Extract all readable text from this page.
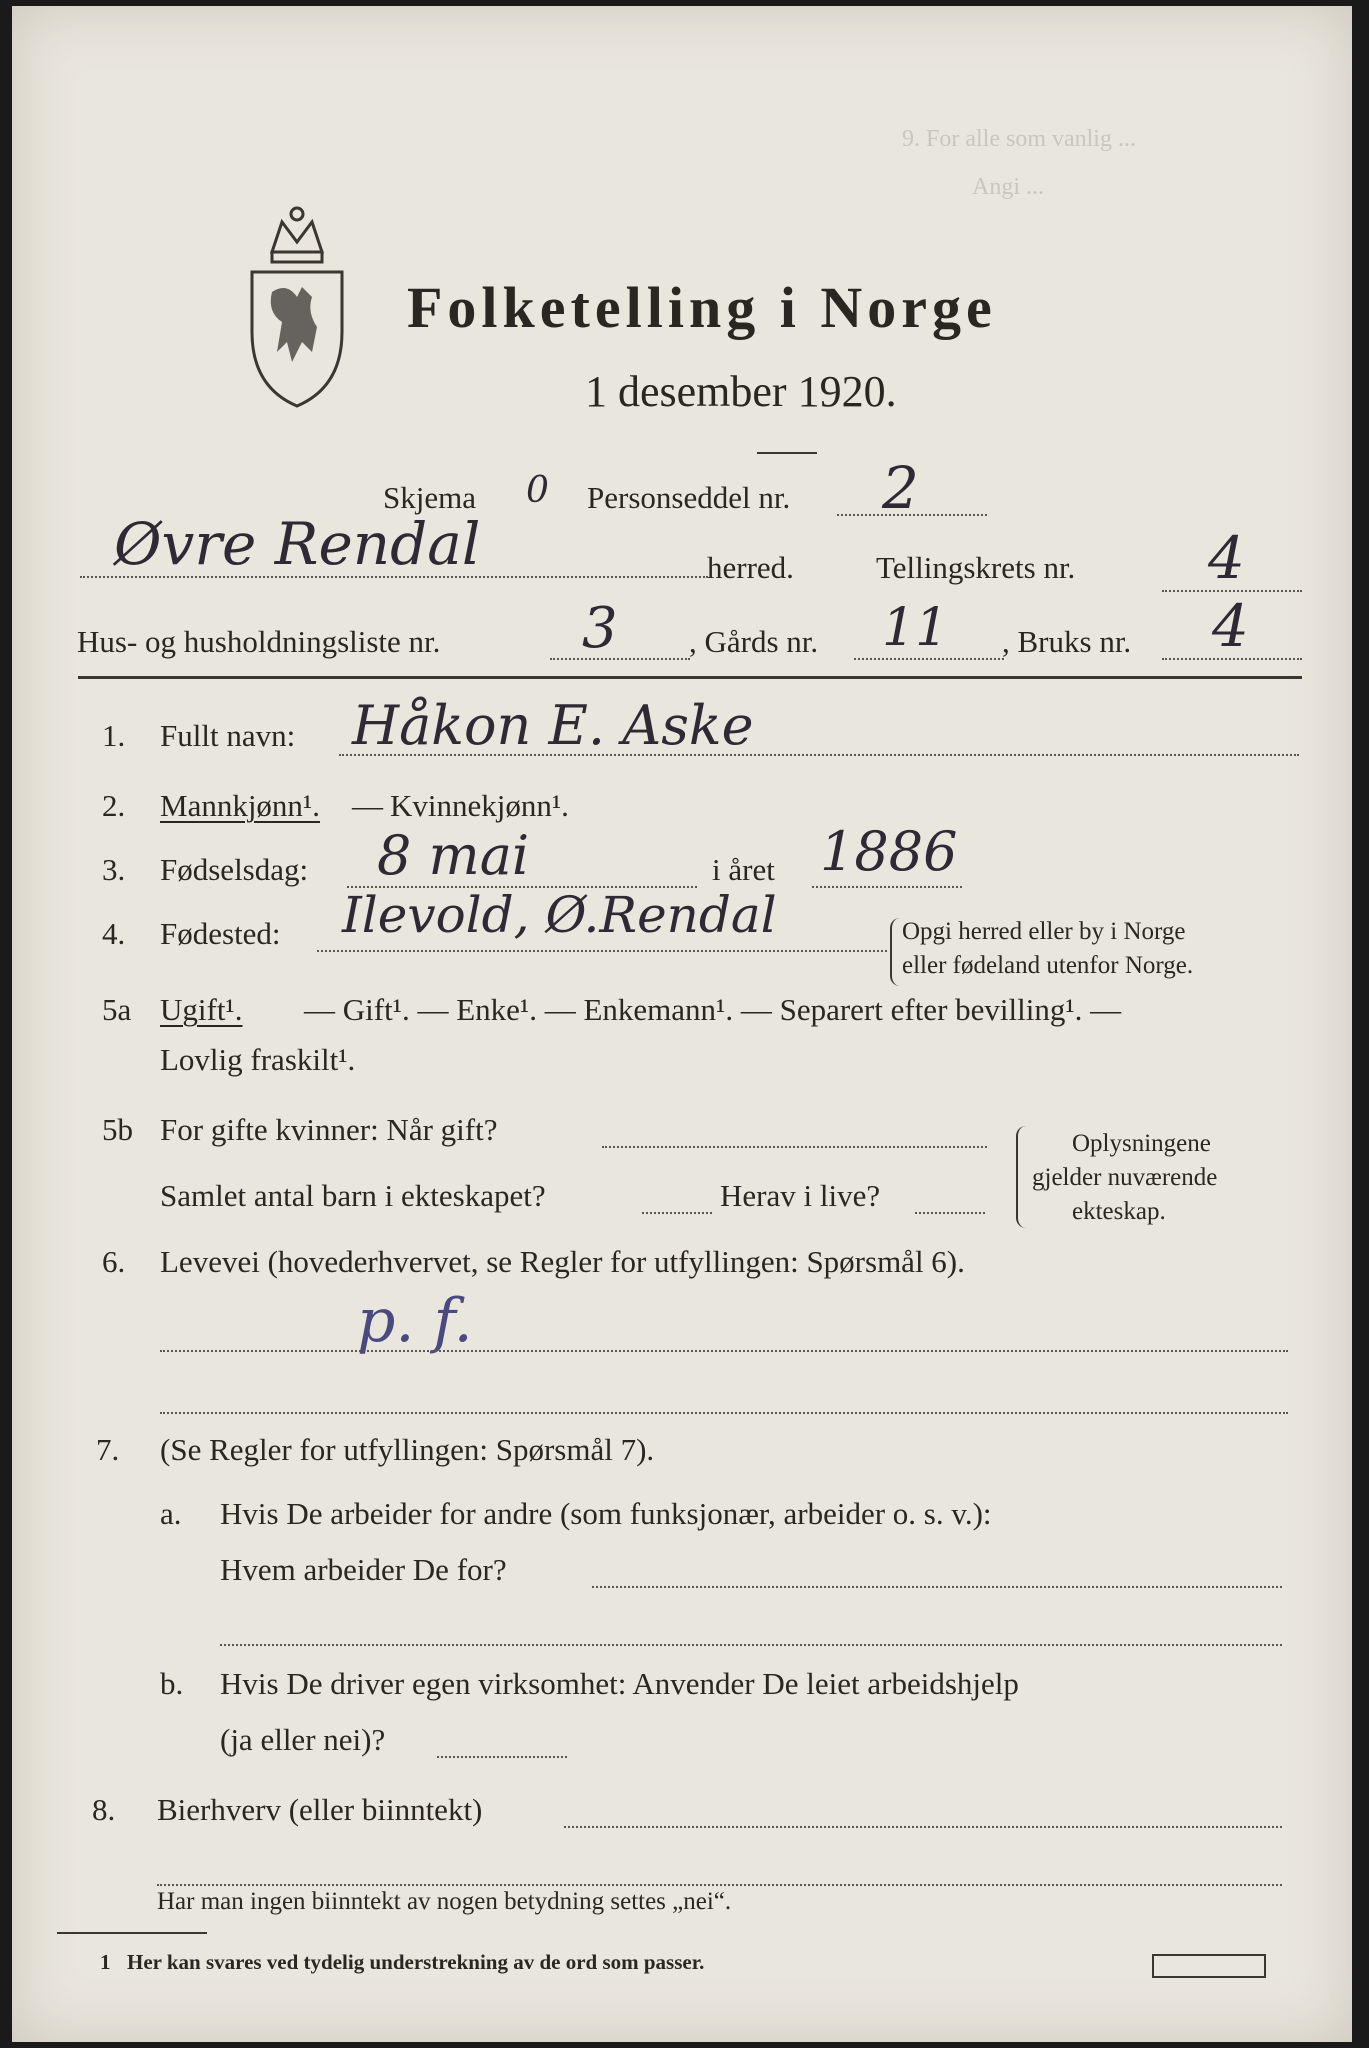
9. For alle som vanlig ...
Angi ...
Folketelling i Norge
1 desember 1920.
Skjema 0 Personseddel nr. 2
Øvre Rendal	herred.	Tellingskrets nr. 4
Hus- og husholdningsliste nr.	3 , Gårds nr. 11 , Bruks nr. 4
1. Fullt navn: Håkon E. Aske
2. Mannkjønn¹. — Kvinnekjønn¹.
3. Fødselsdag: 8 mai	i året 1886
4. Fødested: Ilevold, Ø.Rendal	Opgi herred eller by i Norge
eller fødeland utenfor Norge.
5a Ugift¹. — Gift¹. — Enke¹. — Enkemann¹. — Separert efter bevilling¹. —
Lovlig fraskilt¹.
5b For gifte kvinner: Når gift?
Samlet antal barn i ekteskapet?	Herav i live?
Oplysningene
gjelder nuværende
ekteskap.
6. Levevei (hovederhvervet, se Regler for utfyllingen: Spørsmål 6).
p. f.
7. (Se Regler for utfyllingen: Spørsmål 7).
a. Hvis De arbeider for andre (som funksjonær, arbeider o. s. v.):
Hvem arbeider De for?
b. Hvis De driver egen virksomhet: Anvender De leiet arbeidshjelp
(ja eller nei)?
8. Bierhverv (eller biinntekt)
Har man ingen biinntekt av nogen betydning settes „nei“.
1 Her kan svares ved tydelig understrekning av de ord som passer.
